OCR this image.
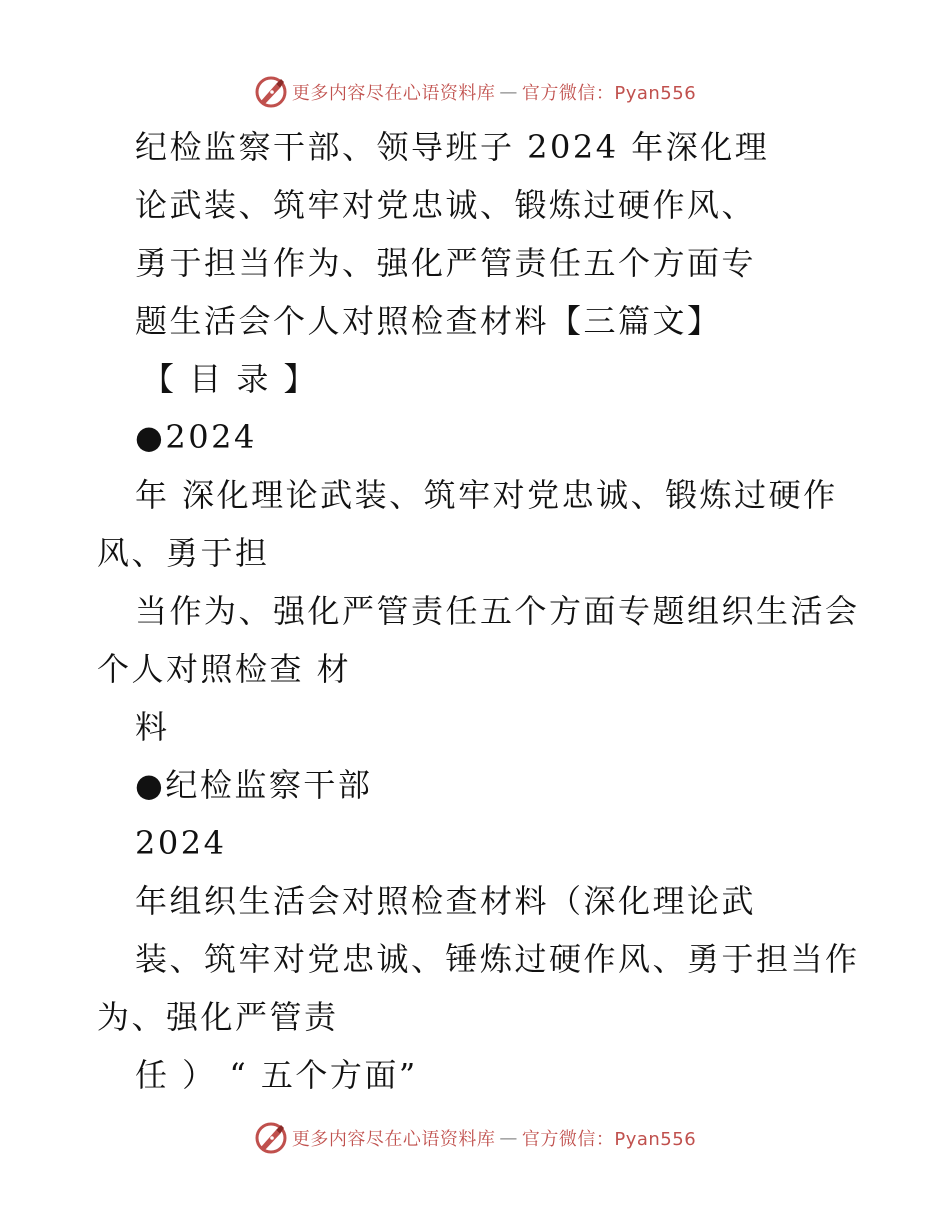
更多内容尽在心语资料库 — 官方微信：Pyan556
纪检监察干部、领导班子 2024 年深化理
论武装、筑牢对党忠诚、锻炼过硬作风、
勇于担当作为、强化严管责任五个方面专
题生活会个人对照检查材料【三篇文】
【 目 录 】
●2024
年 深化理论武装、筑牢对党忠诚、锻炼过硬作
风、勇于担
当作为、强化严管责任五个方面专题组织生活会
个人对照检查 材
料
●纪检监察干部
2024
年组织生活会对照检查材料（深化理论武
装、筑牢对党忠诚、锤炼过硬作风、勇于担当作
为、强化严管责
任 ） “ 五个方面”
更多内容尽在心语资料库 — 官方微信：Pyan556
